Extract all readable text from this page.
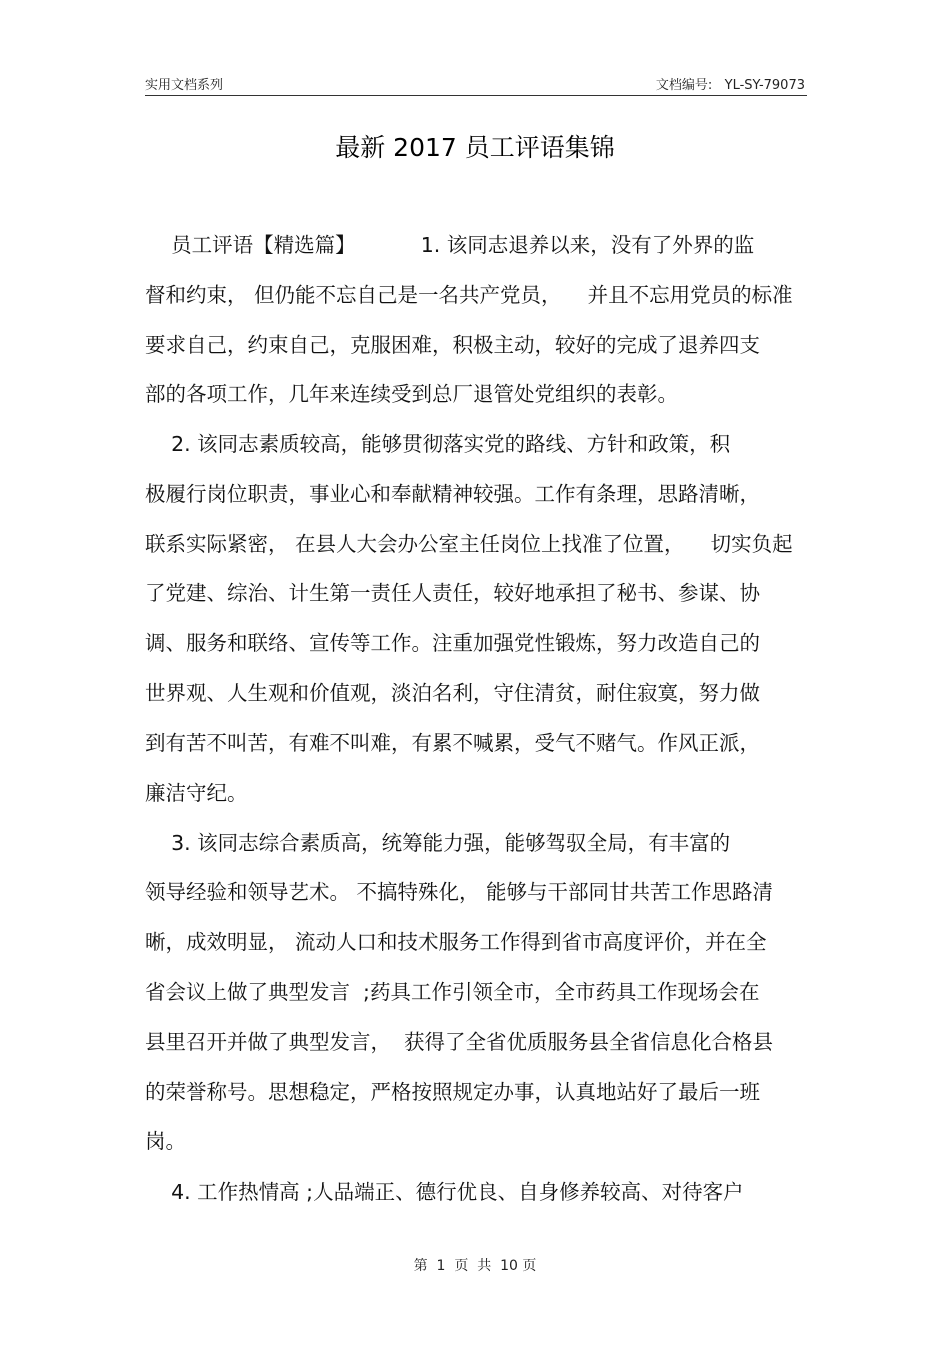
实用文档系列	文档编号:   YL-SY-79073
最新 2017 员工评语集锦
员工评语【精选篇】          1. 该同志退养以来，没有了外界的监
督和约束， 但仍能不忘自己是一名共产党员，    并且不忘用党员的标准
要求自己，约束自己，克服困难，积极主动，较好的完成了退养四支
部的各项工作，几年来连续受到总厂退管处党组织的表彰。
2. 该同志素质较高，能够贯彻落实党的路线、方针和政策，积
极履行岗位职责，事业心和奉献精神较强。工作有条理，思路清晰，
联系实际紧密， 在县人大会办公室主任岗位上找准了位置，    切实负起
了党建、综治、计生第一责任人责任，较好地承担了秘书、参谋、协
调、服务和联络、宣传等工作。注重加强党性锻炼，努力改造自己的
世界观、人生观和价值观，淡泊名利，守住清贫，耐住寂寞，努力做
到有苦不叫苦，有难不叫难，有累不喊累，受气不赌气。作风正派，
廉洁守纪。
3. 该同志综合素质高，统筹能力强，能够驾驭全局，有丰富的
领导经验和领导艺术。 不搞特殊化， 能够与干部同甘共苦工作思路清
晰，成效明显， 流动人口和技术服务工作得到省市高度评价，并在全
省会议上做了典型发言  ;药具工作引领全市，全市药具工作现场会在
县里召开并做了典型发言，  获得了全省优质服务县全省信息化合格县
的荣誉称号。思想稳定，严格按照规定办事，认真地站好了最后一班
岗。
4. 工作热情高 ;人品端正、德行优良、自身修养较高、对待客户
第  1  页  共  10 页
